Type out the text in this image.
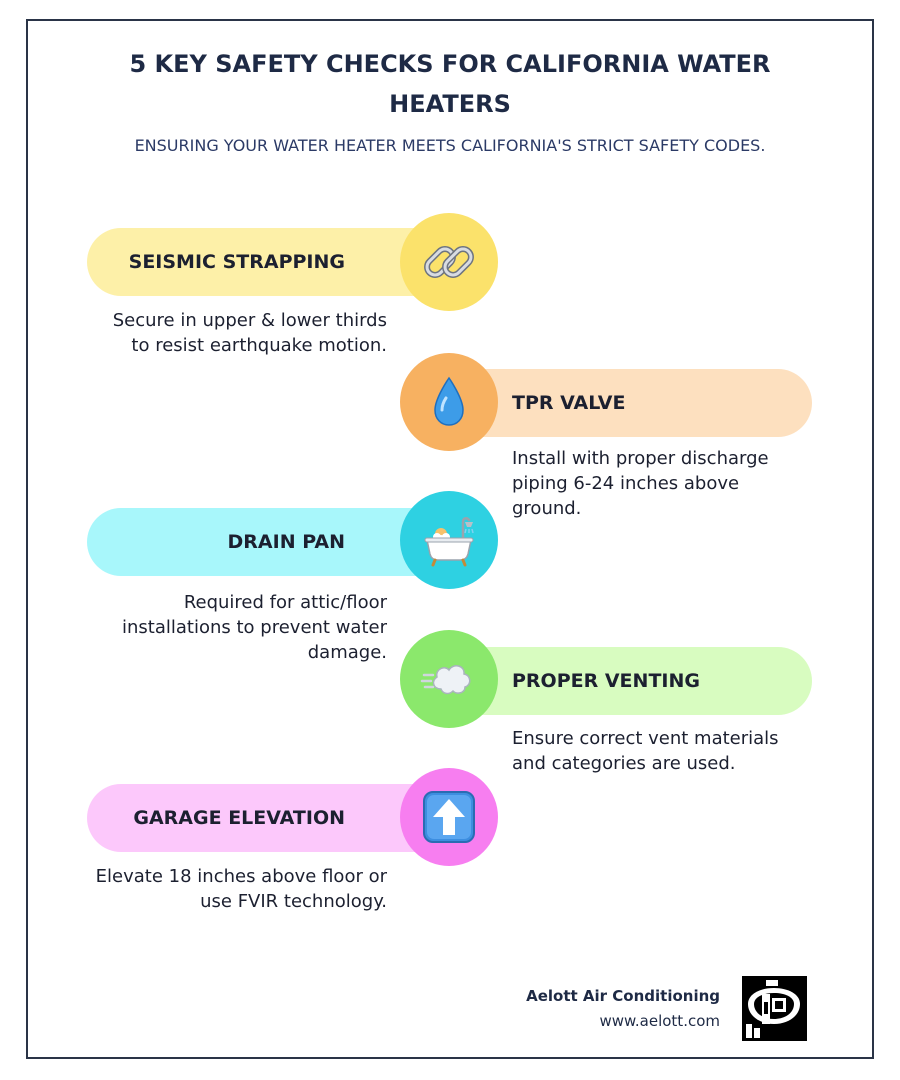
5 KEY SAFETY CHECKS FOR CALIFORNIA WATER HEATERS

ENSURING YOUR WATER HEATER MEETS CALIFORNIA'S STRICT SAFETY CODES.

SEISMIC STRAPPING

Secure in upper & lower thirds to resist earthquake motion.

TPR VALVE

Install with proper discharge piping 6-24 inches above ground.

DRAIN PAN

Required for attic/floor installations to prevent water damage.

PROPER VENTING

Ensure correct vent materials and categories are used.

GARAGE ELEVATION

Elevate 18 inches above floor or use FVIR technology.

Aelott Air Conditioning
www.aelott.com
